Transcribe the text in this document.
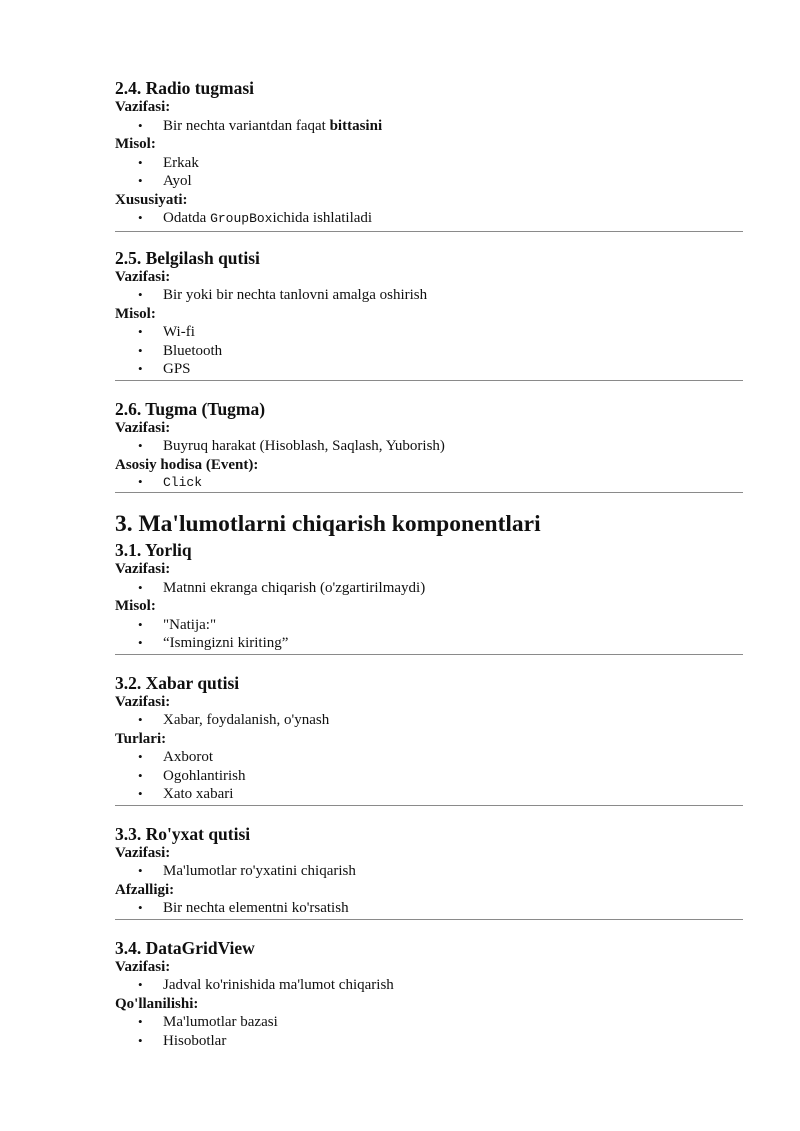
2.4. Radio tugmasi

Vazifasi:

• Bir nechta variantdan faqat bittasini

Misol:

• Erkak
• Ayol

Xususiyati:

• Odatda GroupBoxichida ishlatiladi
2.5. Belgilash qutisi

Vazifasi:

• Bir yoki bir nechta tanlovni amalga oshirish

Misol:

• Wi-fi
• Bluetooth
• GPS
2.6. Tugma (Tugma)

Vazifasi:

• Buyruq harakat (Hisoblash, Saqlash, Yuborish)

Asosiy hodisa (Event):

• Click
3. Ma'lumotlarni chiqarish komponentlari
3.1. Yorliq

Vazifasi:

• Matnni ekranga chiqarish (o'zgartirilmaydi)

Misol:

• "Natija:"
• “Ismingizni kiriting”
3.2. Xabar qutisi

Vazifasi:

• Xabar, foydalanish, o'ynash

Turlari:

• Axborot
• Ogohlantirish
• Xato xabari
3.3. Ro'yxat qutisi

Vazifasi:

• Ma'lumotlar ro'yxatini chiqarish

Afzalligi:

• Bir nechta elementni ko'rsatish
3.4. DataGridView

Vazifasi:

• Jadval ko'rinishida ma'lumot chiqarish

Qo'llanilishi:

• Ma'lumotlar bazasi
• Hisobotlar
